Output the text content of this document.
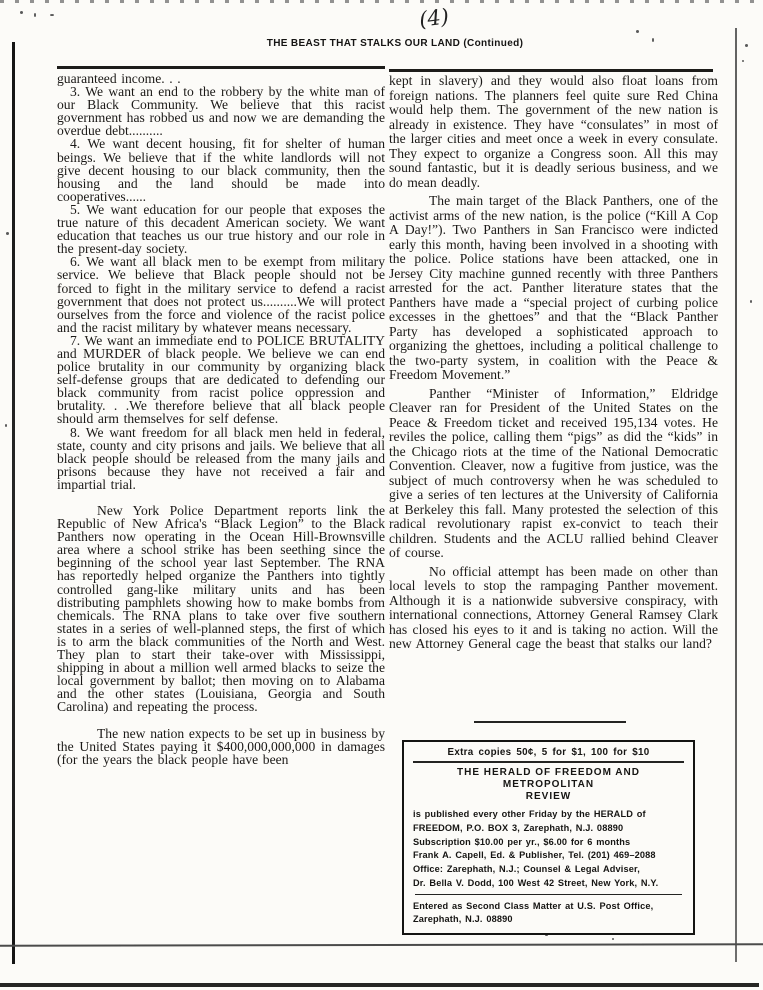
(4)
THE BEAST THAT STALKS OUR LAND (Continued)

guaranteed income. . .

3. We want an end to the robbery by the white man of our Black Community. We believe that this racist government has robbed us and now we are demanding the overdue debt..........

4. We want decent housing, fit for shelter of human beings. We believe that if the white landlords will not give decent housing to our black community, then the housing and the land should be made into cooperatives......

5. We want education for our people that exposes the true nature of this decadent American society. We want education that teaches us our true history and our role in the present-day society.

6. We want all black men to be exempt from military service. We believe that Black people should not be forced to fight in the military service to defend a racist government that does not protect us..........We will protect ourselves from the force and violence of the racist police and the racist military by whatever means necessary.

7. We want an immediate end to POLICE BRUTALITY and MURDER of black people. We believe we can end police brutality in our community by organizing black self-defense groups that are dedicated to defending our black community from racist police oppression and brutality. . .We therefore believe that all black people should arm themselves for self defense.

8. We want freedom for all black men held in federal, state, county and city prisons and jails. We believe that all black people should be released from the many jails and prisons because they have not received a fair and impartial trial.

New York Police Department reports link the Republic of New Africa's “Black Legion” to the Black Panthers now operating in the Ocean Hill-Brownsville area where a school strike has been seething since the beginning of the school year last September. The RNA has reportedly helped organize the Panthers into tightly controlled gang-like military units and has been distributing pamphlets showing how to make bombs from chemicals. The RNA plans to take over five southern states in a series of well-planned steps, the first of which is to arm the black communities of the North and West. They plan to start their take-over with Mississippi, shipping in about a million well armed blacks to seize the local government by ballot; then moving on to Alabama and the other states (Louisiana, Georgia and South Carolina) and repeating the process.

The new nation expects to be set up in business by the United States paying it $400,000,000,000 in damages (for the years the black people have been

kept in slavery) and they would also float loans from foreign nations. The planners feel quite sure Red China would help them. The government of the new nation is already in existence. They have “consulates” in most of the larger cities and meet once a week in every consulate. They expect to organize a Congress soon. All this may sound fantastic, but it is deadly serious business, and we do mean deadly.

The main target of the Black Panthers, one of the activist arms of the new nation, is the police (“Kill A Cop A Day!”). Two Panthers in San Francisco were indicted early this month, having been involved in a shooting with the police. Police stations have been attacked, one in Jersey City machine gunned recently with three Panthers arrested for the act. Panther literature states that the Panthers have made a “special project of curbing police excesses in the ghettoes” and that the “Black Panther Party has developed a sophisticated approach to organizing the ghettoes, including a political challenge to the two-party system, in coalition with the Peace & Freedom Movement.”

Panther “Minister of Information,” Eldridge Cleaver ran for President of the United States on the Peace & Freedom ticket and received 195,134 votes. He reviles the police, calling them “pigs” as did the “kids” in the Chicago riots at the time of the National Democratic Convention. Cleaver, now a fugitive from justice, was the subject of much controversy when he was scheduled to give a series of ten lectures at the University of California at Berkeley this fall. Many protested the selection of this radical revolutionary rapist ex-convict to teach their children. Students and the ACLU rallied behind Cleaver of course.

No official attempt has been made on other than local levels to stop the rampaging Panther movement. Although it is a nationwide subversive conspiracy, with international connections, Attorney General Ramsey Clark has closed his eyes to it and is taking no action. Will the new Attorney General cage the beast that stalks our land?

Extra copies 50¢, 5 for $1, 100 for $10
THE HERALD OF FREEDOM AND METROPOLITAN
REVIEW
is published every other Friday by the HERALD of
FREEDOM, P.O. BOX 3, Zarephath, N.J. 08890
Subscription $10.00 per yr., $6.00 for 6 months
Frank A. Capell, Ed. & Publisher, Tel. (201) 469–2088
Office: Zarephath, N.J.; Counsel & Legal Adviser,
Dr. Bella V. Dodd, 100 West 42 Street, New York, N.Y.
Entered as Second Class Matter at U.S. Post Office,
Zarephath, N.J. 08890
